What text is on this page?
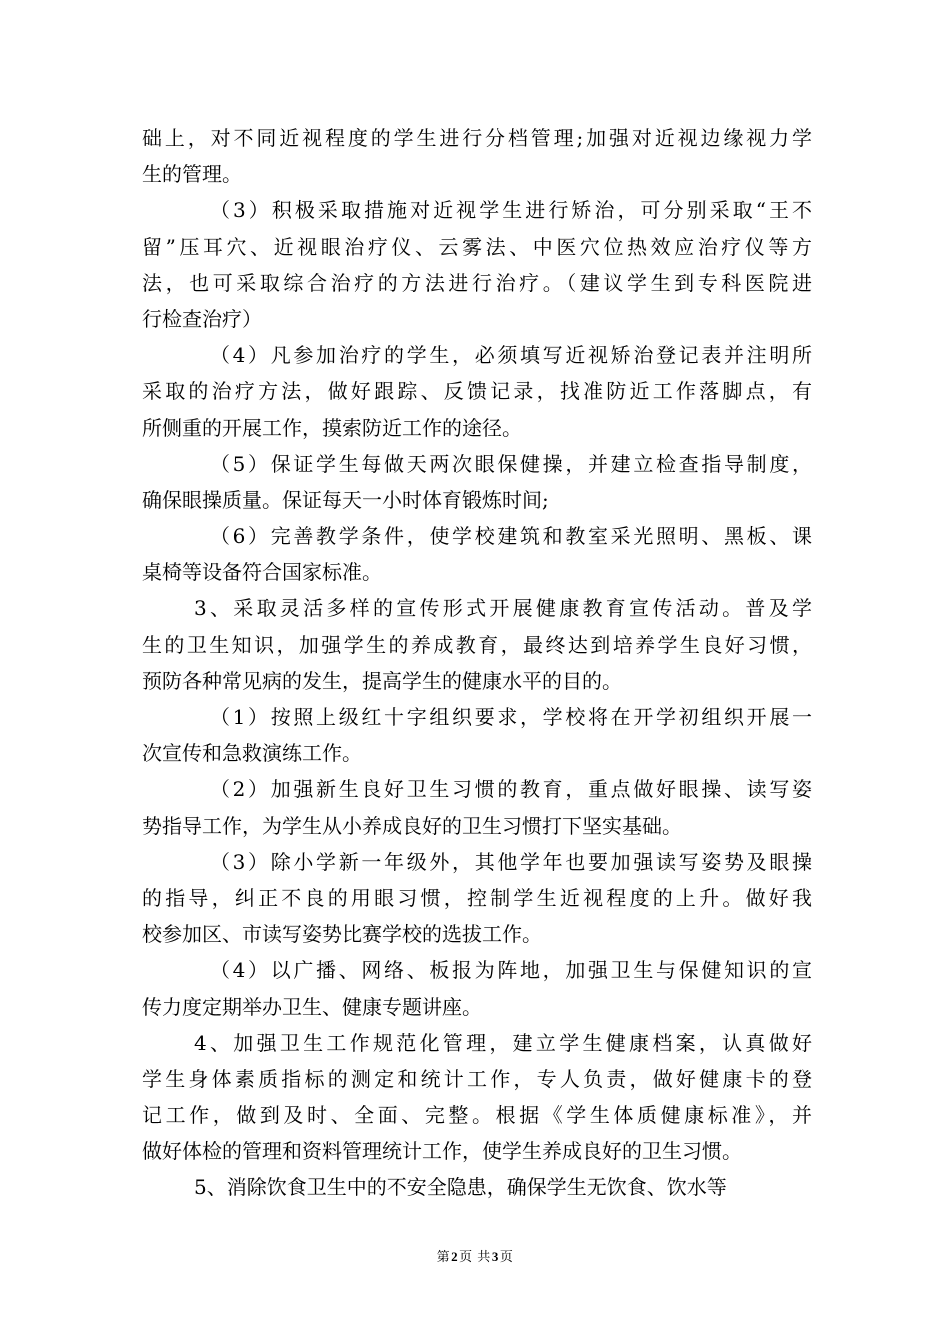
础上，对不同近视程度的学生进行分档管理;加强对近视边缘视力学
生的管理。
（3）积极采取措施对近视学生进行矫治，可分别采取“王不
留”压耳穴、近视眼治疗仪、云雾法、中医穴位热效应治疗仪等方
法，也可采取综合治疗的方法进行治疗。（建议学生到专科医院进
行检查治疗）
（4）凡参加治疗的学生，必须填写近视矫治登记表并注明所
采取的治疗方法，做好跟踪、反馈记录，找准防近工作落脚点，有
所侧重的开展工作，摸索防近工作的途径。
（5）保证学生每做天两次眼保健操，并建立检查指导制度，
确保眼操质量。保证每天一小时体育锻炼时间;
（6）完善教学条件，使学校建筑和教室采光照明、黑板、课
桌椅等设备符合国家标准。
3、采取灵活多样的宣传形式开展健康教育宣传活动。普及学
生的卫生知识，加强学生的养成教育，最终达到培养学生良好习惯，
预防各种常见病的发生，提高学生的健康水平的目的。
（1）按照上级红十字组织要求，学校将在开学初组织开展一
次宣传和急救演练工作。
（2）加强新生良好卫生习惯的教育，重点做好眼操、读写姿
势指导工作，为学生从小养成良好的卫生习惯打下坚实基础。
（3）除小学新一年级外，其他学年也要加强读写姿势及眼操
的指导，纠正不良的用眼习惯，控制学生近视程度的上升。做好我
校参加区、市读写姿势比赛学校的选拔工作。
（4）以广播、网络、板报为阵地，加强卫生与保健知识的宣
传力度定期举办卫生、健康专题讲座。
4、加强卫生工作规范化管理，建立学生健康档案，认真做好
学生身体素质指标的测定和统计工作，专人负责，做好健康卡的登
记工作，做到及时、全面、完整。根据《学生体质健康标准》，并
做好体检的管理和资料管理统计工作，使学生养成良好的卫生习惯。
5、消除饮食卫生中的不安全隐患，确保学生无饮食、饮水等
第2页 共3页
